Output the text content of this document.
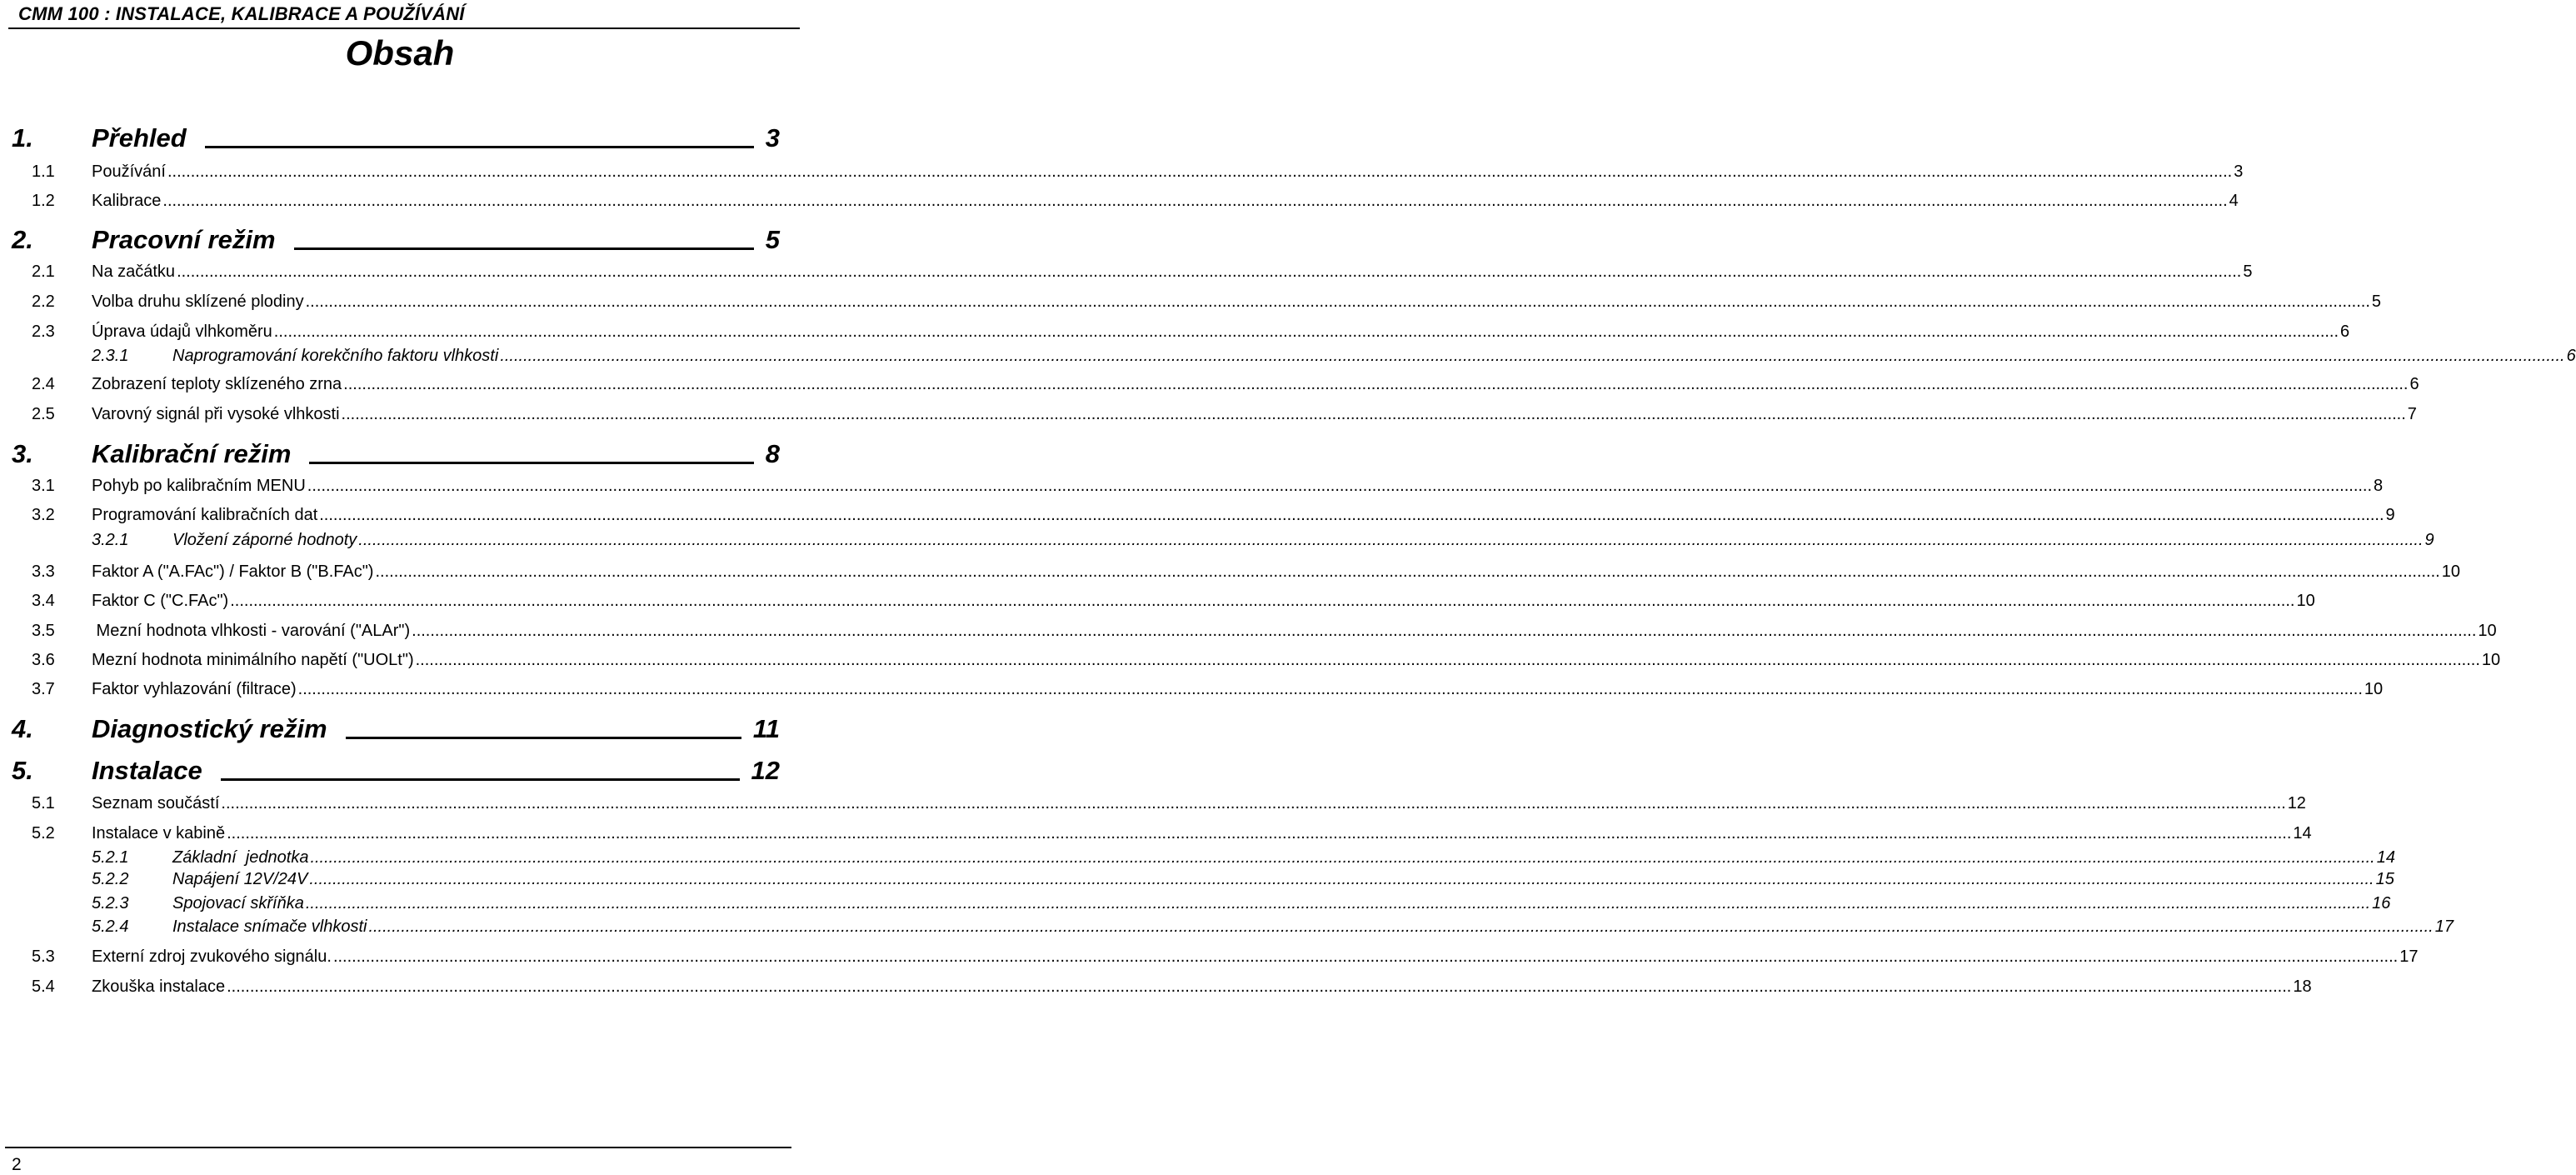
CMM 100 : INSTALACE, KALIBRACE A POUŽÍVÁNÍ
Obsah
1. Přehled	3
1.1 Používání .....	3
1.2 Kalibrace .....	4
2. Pracovní režim	5
2.1 Na začátku .....	5
2.2 Volba druhu sklízené plodiny .....	5
2.3 Úprava údajů vlhkoměru .....	6
2.3.1	Naprogramování korekčního faktoru vlhkosti .....	6
2.4 Zobrazení teploty sklízeného zrna .....	6
2.5 Varovný signál při vysoké vlhkosti .....	7
3. Kalibrační režim	8
3.1 Pohyb po kalibračním MENU .....	8
3.2 Programování kalibračních dat .....	9
3.2.1	Vložení záporné hodnoty .....	9
3.3 Faktor A ("A.FAc") / Faktor B ("B.FAc") .....	10
3.4 Faktor C ("C.FAc") .....	10
3.5 Mezní hodnota vlhkosti - varování ("ALAr") .....	10
3.6 Mezní hodnota minimálního napětí ("UOLt") .....	10
3.7 Faktor vyhlazování (filtrace) .....	10
4. Diagnostický režim	11
5. Instalace	12
5.1 Seznam součástí .....	12
5.2 Instalace v kabině .....	14
5.2.1	Základní  jednotka .....	14
5.2.2	Napájení 12V/24V .....	15
5.2.3	Spojovací skříňka .....	16
5.2.4	Instalace snímače vlhkosti .....	17
5.3 Externí zdroj zvukového signálu. .....	17
5.4 Zkouška instalace .....	18
2
